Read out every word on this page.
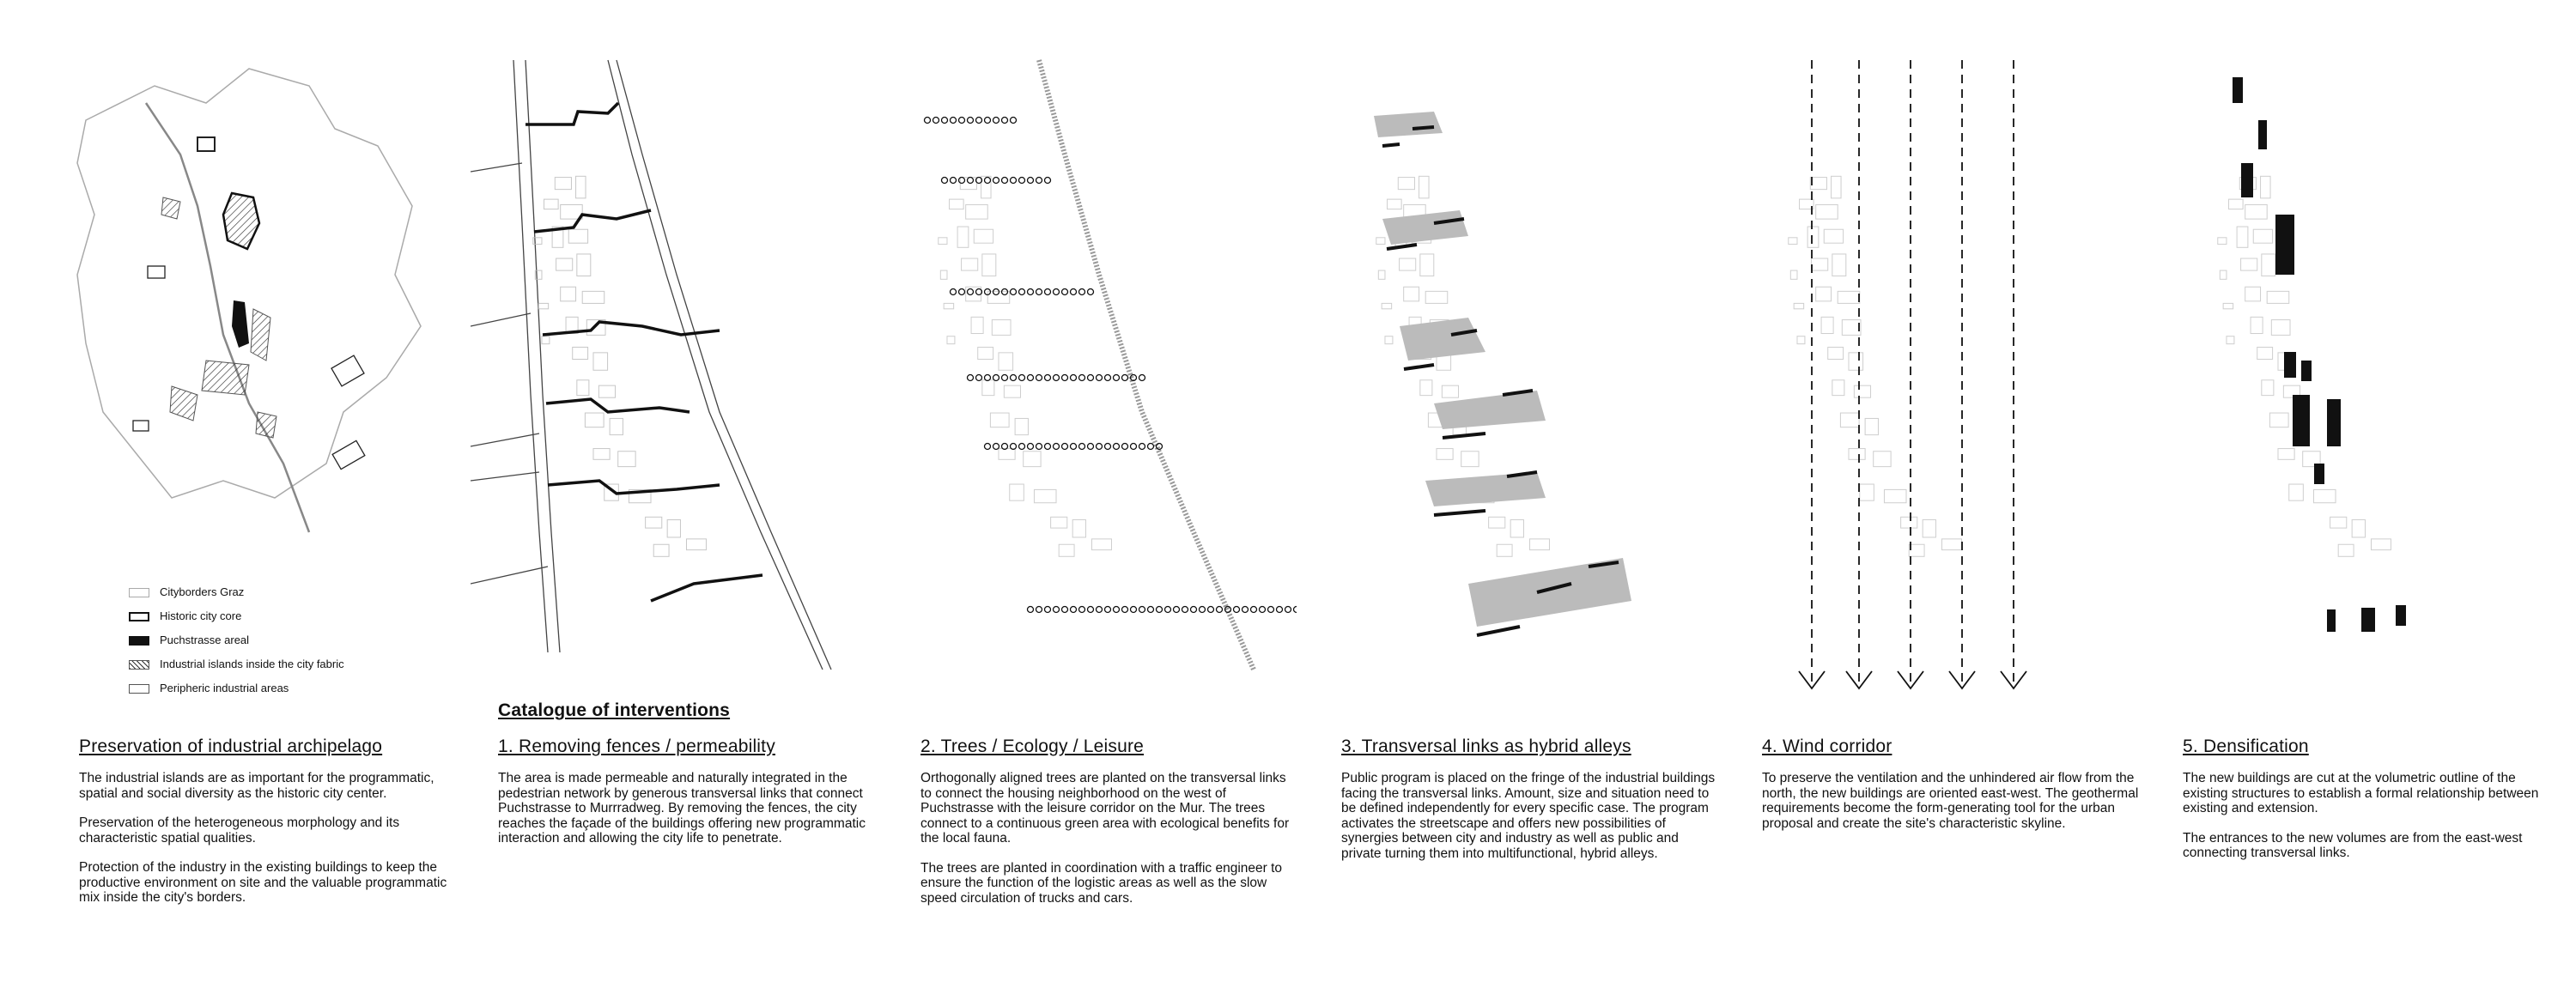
Cityborders Graz
Historic city core
Puchstrasse areal
Industrial islands inside the city fabric
Peripheric industrial areas
Preservation of industrial archipelago

The industrial islands are as important for the programmatic, spatial and social diversity as the historic city center.

Preservation of the heterogeneous morphology and its characteristic spatial qualities.

Protection of the industry in the existing buildings to keep the productive environment on site and the valuable programmatic mix inside the city's borders.

Catalogue of interventions
1. Removing fences / permeability

The area is made permeable and naturally integrated in the pedestrian network by generous transversal links that connect Puchstrasse to Murrradweg. By removing the fences, the city reaches the façade of the buildings offering new programmatic interaction and allowing the city life to penetrate.

2. Trees / Ecology / Leisure

Orthogonally aligned trees are planted on the transversal links to connect the housing neighborhood on the west of Puchstrasse with the leisure corridor on the Mur. The trees connect to a continuous green area with ecological benefits for the local fauna.

The trees are planted in coordination with a traffic engineer to ensure the function of the logistic areas as well as the slow speed circulation of trucks and cars.

3. Transversal links as hybrid alleys

Public program is placed on the fringe of the industrial buildings facing the transversal links. Amount, size and situation need to be defined independently for every specific case. The program activates the streetscape and offers new possibilities of synergies between city and industry as well as public and private turning them into multifunctional, hybrid alleys.

4. Wind corridor

To preserve the ventilation and the unhindered air flow from the north, the new buildings are oriented east-west. The geothermal requirements become the form-generating tool for the urban proposal and create the site's characteristic skyline.

5. Densification

The new buildings are cut at the volumetric outline of the existing structures to establish a formal relationship between existing and extension.

The entrances to the new volumes are from the east-west connecting transversal links.
